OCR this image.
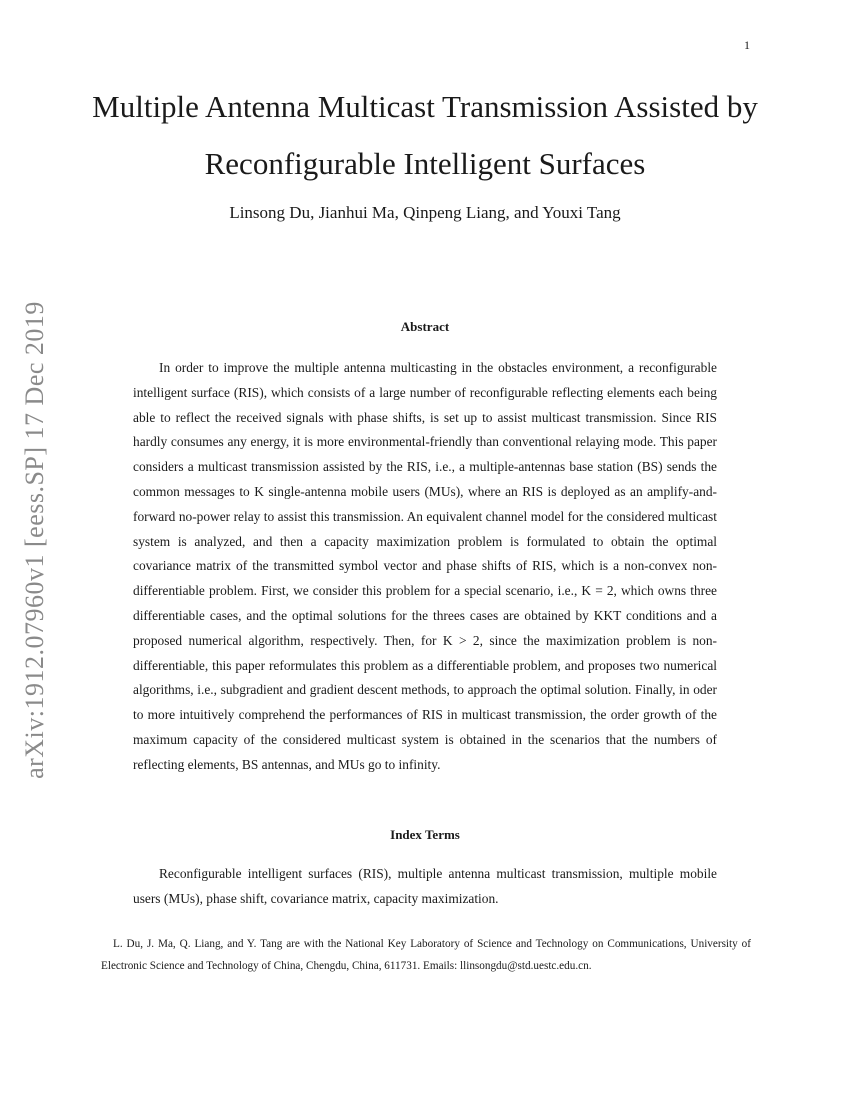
1
arXiv:1912.07960v1 [eess.SP] 17 Dec 2019
Multiple Antenna Multicast Transmission Assisted by Reconfigurable Intelligent Surfaces

Linsong Du, Jianhui Ma, Qinpeng Liang, and Youxi Tang

Abstract

In order to improve the multiple antenna multicasting in the obstacles environment, a reconfigurable intelligent surface (RIS), which consists of a large number of reconfigurable reflecting elements each being able to reflect the received signals with phase shifts, is set up to assist multicast transmission. Since RIS hardly consumes any energy, it is more environmental-friendly than conventional relaying mode. This paper considers a multicast transmission assisted by the RIS, i.e., a multiple-antennas base station (BS) sends the common messages to K single-antenna mobile users (MUs), where an RIS is deployed as an amplify-and-forward no-power relay to assist this transmission. An equivalent channel model for the considered multicast system is analyzed, and then a capacity maximization problem is formulated to obtain the optimal covariance matrix of the transmitted symbol vector and phase shifts of RIS, which is a non-convex non-differentiable problem. First, we consider this problem for a special scenario, i.e., K = 2, which owns three differentiable cases, and the optimal solutions for the threes cases are obtained by KKT conditions and a proposed numerical algorithm, respectively. Then, for K > 2, since the maximization problem is non-differentiable, this paper reformulates this problem as a differentiable problem, and proposes two numerical algorithms, i.e., subgradient and gradient descent methods, to approach the optimal solution. Finally, in oder to more intuitively comprehend the performances of RIS in multicast transmission, the order growth of the maximum capacity of the considered multicast system is obtained in the scenarios that the numbers of reflecting elements, BS antennas, and MUs go to infinity.

Index Terms

Reconfigurable intelligent surfaces (RIS), multiple antenna multicast transmission, multiple mobile users (MUs), phase shift, covariance matrix, capacity maximization.

L. Du, J. Ma, Q. Liang, and Y. Tang are with the National Key Laboratory of Science and Technology on Communications, University of Electronic Science and Technology of China, Chengdu, China, 611731. Emails: llinsongdu@std.uestc.edu.cn.
